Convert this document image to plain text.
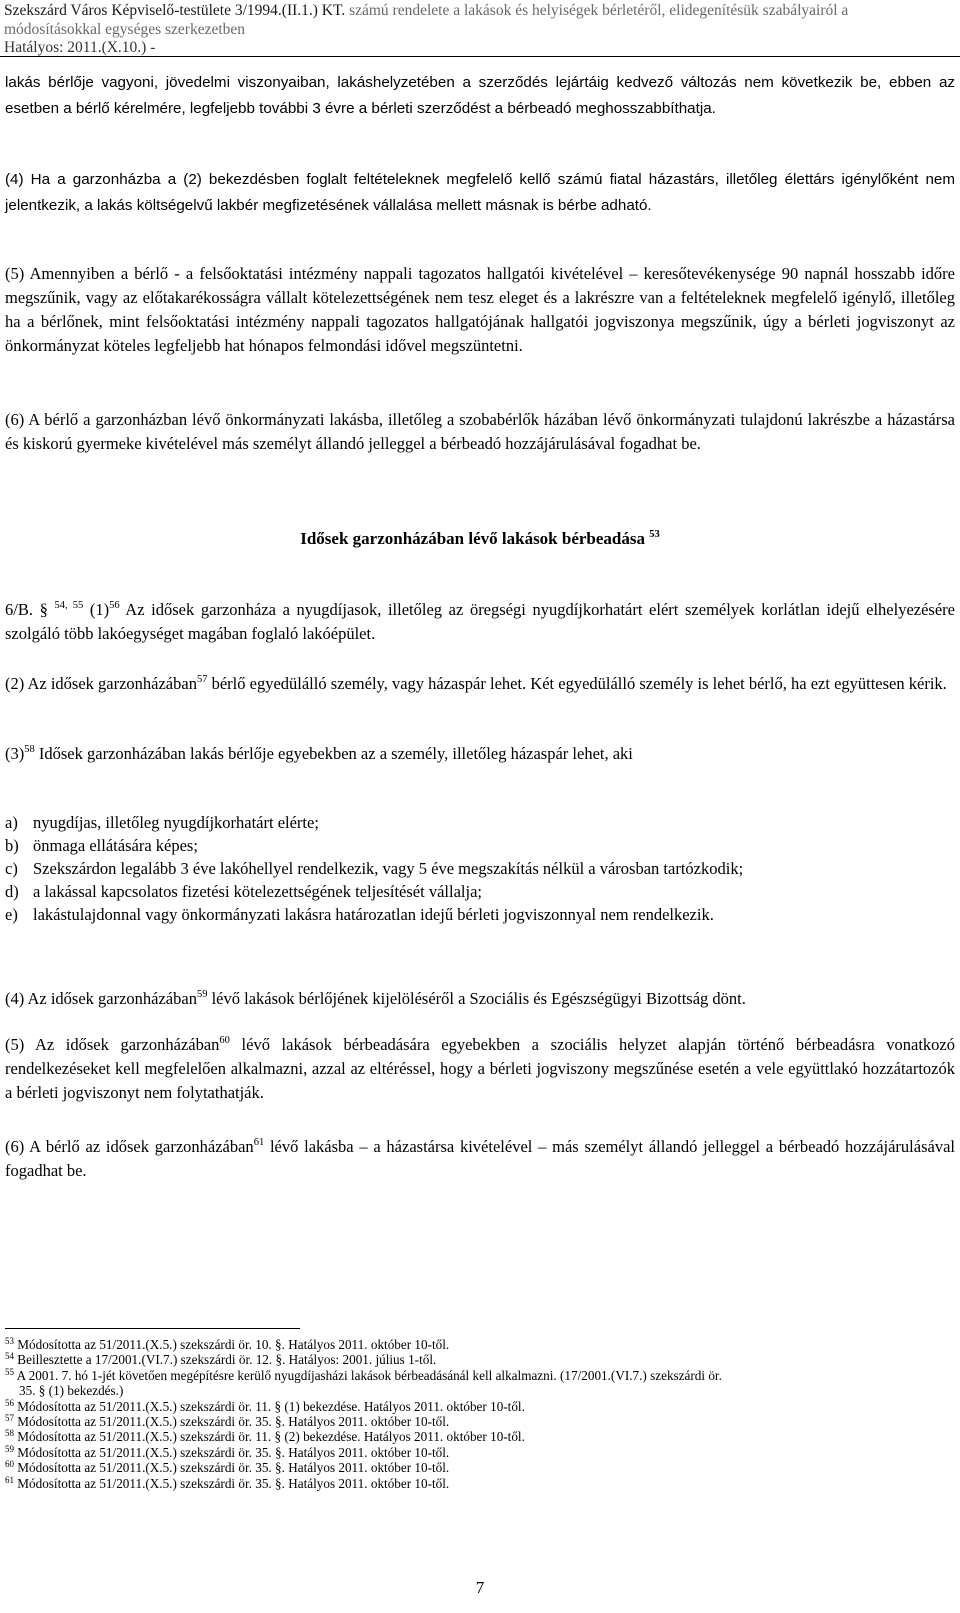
Szekszárd Város Képviselő-testülete 3/1994.(II.1.) KT. számú rendelete a lakások és helyiségek bérletéről, elidegenítésük szabályairól a
módosításokkal egységes szerkezetben
Hatályos: 2011.(X.10.) -

lakás bérlője vagyoni, jövedelmi viszonyaiban, lakáshelyzetében a szerződés lejártáig kedvező változás nem következik be, ebben az esetben a bérlő kérelmére, legfeljebb további 3 évre a bérleti szerződést a bérbeadó meghosszabbíthatja.

(4) Ha a garzonházba a (2) bekezdésben foglalt feltételeknek megfelelő kellő számú fiatal házastárs, illetőleg élettárs igénylőként nem jelentkezik, a lakás költségelvű lakbér megfizetésének vállalása mellett másnak is bérbe adható.

(5) Amennyiben a bérlő - a felsőoktatási intézmény nappali tagozatos hallgatói kivételével – keresőtevékenysége 90 napnál hosszabb időre megszűnik, vagy az előtakarékosságra vállalt kötelezettségének nem tesz eleget és a lakrészre van a feltételeknek megfelelő igénylő, illetőleg ha a bérlőnek, mint felsőoktatási intézmény nappali tagozatos hallgatójának hallgatói jogviszonya megszűnik, úgy a bérleti jogviszonyt az önkormányzat köteles legfeljebb hat hónapos felmondási idővel megszüntetni.

(6) A bérlő a garzonházban lévő önkormányzati lakásba, illetőleg a szobabérlők házában lévő önkormányzati tulajdonú lakrészbe a házastársa és kiskorú gyermeke kivételével más személyt állandó jelleggel a bérbeadó hozzájárulásával fogadhat be.

Idősek garzonházában lévő lakások bérbeadása $^{53}$

6/B. § $^{54, 55}$ $(1)^{56}$ Az idősek garzonháza a nyugdíjasok, illetőleg az öregségi nyugdíjkorhatárt elért személyek korlátlan idejű elhelyezésére szolgáló több lakóegységet magában foglaló lakóépület.

(2) Az idősek garzonházában$^{57}$ bérlő egyedülálló személy, vagy házaspár lehet. Két egyedülálló személy is lehet bérlő, ha ezt együttesen kérik.

$(3)^{58}$ Idősek garzonházában lakás bérlője egyebekben az a személy, illetőleg házaspár lehet, aki

a) nyugdíjas, illetőleg nyugdíjkorhatárt elérte;
b) önmaga ellátására képes;
c) Szekszárdon legalább 3 éve lakóhellyel rendelkezik, vagy 5 éve megszakítás nélkül a városban tartózkodik;
d) a lakással kapcsolatos fizetési kötelezettségének teljesítését vállalja;
e) lakástulajdonnal vagy önkormányzati lakásra határozatlan idejű bérleti jogviszonnyal nem rendelkezik.

(4) Az idősek garzonházában$^{59}$ lévő lakások bérlőjének kijelöléséről a Szociális és Egészségügyi Bizottság dönt.

(5) Az idősek garzonházában$^{60}$ lévő lakások bérbeadására egyebekben a szociális helyzet alapján történő bérbeadásra vonatkozó rendelkezéseket kell megfelelően alkalmazni, azzal az eltéréssel, hogy a bérleti jogviszony megszűnése esetén a vele együttlakó hozzátartozók a bérleti jogviszonyt nem folytathatják.

(6) A bérlő az idősek garzonházában$^{61}$ lévő lakásba – a házastársa kivételével – más személyt állandó jelleggel a bérbeadó hozzájárulásával fogadhat be.

$^{53}$ Módosította az 51/2011.(X.5.) szekszárdi ör. 10. §. Hatályos 2011. október 10-től.
$^{54}$ Beillesztette a 17/2001.(VI.7.) szekszárdi ör. 12. §. Hatályos: 2001. július 1-től.
$^{55}$ A 2001. 7. hó 1-jét követően megépítésre kerülő nyugdíjasházi lakások bérbeadásánál kell alkalmazni. (17/2001.(VI.7.) szekszárdi ör.
35. § (1) bekezdés.)
$^{56}$ Módosította az 51/2011.(X.5.) szekszárdi ör. 11. § (1) bekezdése. Hatályos 2011. október 10-től.
$^{57}$ Módosította az 51/2011.(X.5.) szekszárdi ör. 35. §. Hatályos 2011. október 10-től.
$^{58}$ Módosította az 51/2011.(X.5.) szekszárdi ör. 11. § (2) bekezdése. Hatályos 2011. október 10-től.
$^{59}$ Módosította az 51/2011.(X.5.) szekszárdi ör. 35. §. Hatályos 2011. október 10-től.
$^{60}$ Módosította az 51/2011.(X.5.) szekszárdi ör. 35. §. Hatályos 2011. október 10-től.
$^{61}$ Módosította az 51/2011.(X.5.) szekszárdi ör. 35. §. Hatályos 2011. október 10-től.
7
